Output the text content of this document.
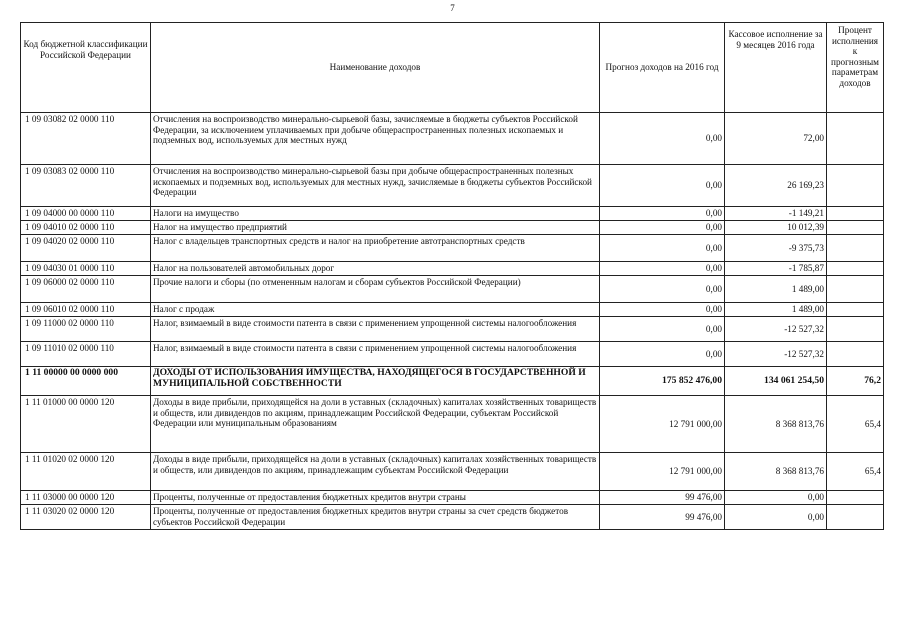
7
Код бюджетной классификации Российской Федерации	Наименование доходов	Прогноз доходов на 2016 год	Кассовое исполнение за 9 месяцев 2016 года	Процент исполнения к прогнозным параметрам доходов
1 09 03082 02 0000 110	Отчисления на воспроизводство минерально-сырьевой базы, зачисляемые в бюджеты субъектов Российской Федерации, за исключением уплачиваемых при добыче общераспространенных полезных ископаемых и подземных вод, используемых для местных нужд	0,00	72,00	
1 09 03083 02 0000 110	Отчисления на воспроизводство минерально-сырьевой базы при добыче общераспространенных полезных ископаемых и подземных вод, используемых для местных нужд, зачисляемые в бюджеты субъектов Российской Федерации	0,00	26 169,23	
1 09 04000 00 0000 110	Налоги на имущество	0,00	-1 149,21	
1 09 04010 02 0000 110	Налог на имущество предприятий	0,00	10 012,39	
1 09 04020 02 0000 110	Налог с владельцев транспортных средств и налог на приобретение автотранспортных средств	0,00	-9 375,73	
1 09 04030 01 0000 110	Налог на пользователей автомобильных дорог	0,00	-1 785,87	
1 09 06000 02 0000 110	Прочие налоги и сборы (по отмененным налогам и сборам субъектов Российской Федерации)	0,00	1 489,00	
1 09 06010 02 0000 110	Налог с продаж	0,00	1 489,00	
1 09 11000 02 0000 110	Налог, взимаемый в виде стоимости патента в связи с применением упрощенной системы налогообложения	0,00	-12 527,32	
1 09 11010 02 0000 110	Налог, взимаемый в виде стоимости патента в связи с применением упрощенной системы налогообложения	0,00	-12 527,32	
1 11 00000 00 0000 000	ДОХОДЫ ОТ ИСПОЛЬЗОВАНИЯ ИМУЩЕСТВА, НАХОДЯЩЕГОСЯ В ГОСУДАРСТВЕННОЙ И МУНИЦИПАЛЬНОЙ СОБСТВЕННОСТИ	175 852 476,00	134 061 254,50	76,2
1 11 01000 00 0000 120	Доходы в виде прибыли, приходящейся на доли в уставных (складочных) капиталах хозяйственных товариществ и обществ, или дивидендов по акциям, принадлежащим Российской Федерации, субъектам Российской Федерации или муниципальным образованиям	12 791 000,00	8 368 813,76	65,4
1 11 01020 02 0000 120	Доходы в виде прибыли, приходящейся на доли в уставных (складочных) капиталах хозяйственных товариществ и обществ, или дивидендов по акциям, принадлежащим субъектам Российской Федерации	12 791 000,00	8 368 813,76	65,4
1 11 03000 00 0000 120	Проценты, полученные от предоставления бюджетных кредитов внутри страны	99 476,00	0,00	
1 11 03020 02 0000 120	Проценты, полученные от предоставления бюджетных кредитов внутри страны за счет средств бюджетов субъектов Российской Федерации	99 476,00	0,00	
